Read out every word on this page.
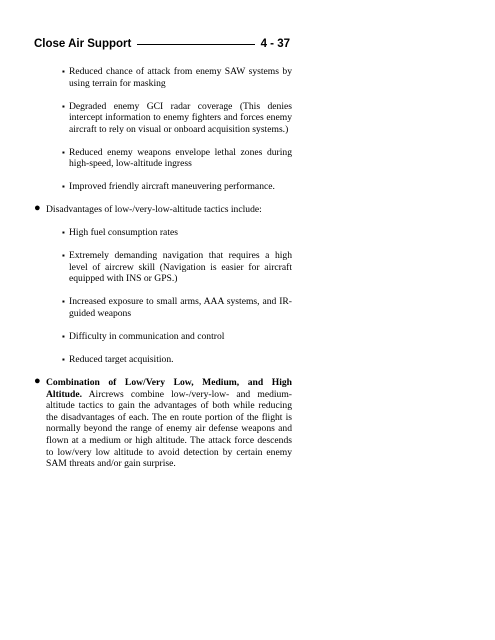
Close Air Support	4 - 37
▪ Reduced chance of attack from enemy SAW systems by using terrain for masking
▪ Degraded enemy GCI radar coverage (This denies intercept information to enemy fighters and forces enemy aircraft to rely on visual or onboard acquisition systems.)
▪ Reduced enemy weapons envelope lethal zones during high-speed, low-altitude ingress
▪ Improved friendly aircraft maneuvering performance.
● Disadvantages of low-/very-low-altitude tactics include:
▪ High fuel consumption rates
▪ Extremely demanding navigation that requires a high level of aircrew skill (Navigation is easier for aircraft equipped with INS or GPS.)
▪ Increased exposure to small arms, AAA systems, and IR-guided weapons
▪ Difficulty in communication and control
▪ Reduced target acquisition.
● Combination of Low/Very Low, Medium, and High Altitude. Aircrews combine low-/very-low- and medium-altitude tactics to gain the advantages of both while reducing the disadvantages of each. The en route portion of the flight is normally beyond the range of enemy air defense weapons and flown at a medium or high altitude. The attack force descends to low/very low altitude to avoid detection by certain enemy SAM threats and/or gain surprise.
